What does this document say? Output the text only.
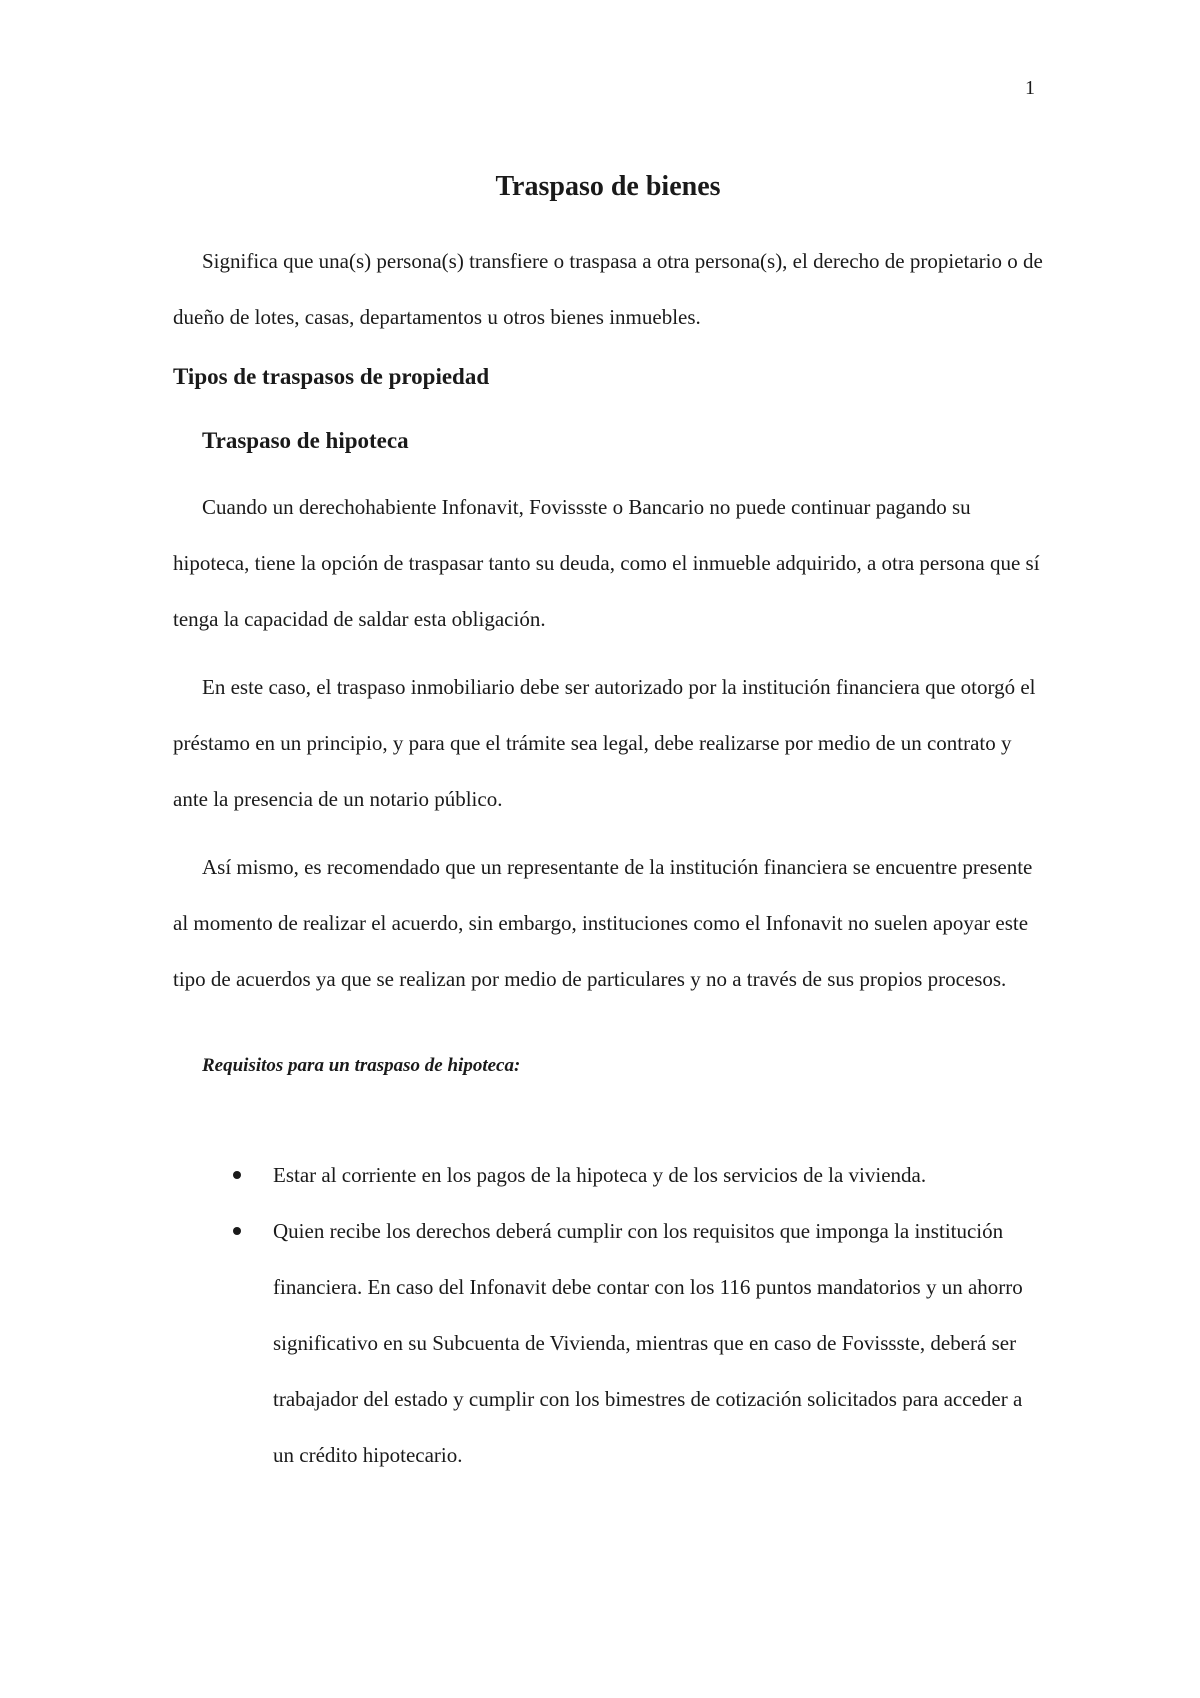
1
Traspaso de bienes

Significa que una(s) persona(s) transfiere o traspasa a otra persona(s), el derecho de propietario o de dueño de lotes, casas, departamentos u otros bienes inmuebles.

Tipos de traspasos de propiedad
Traspaso de hipoteca

Cuando un derechohabiente Infonavit, Fovissste o Bancario no puede continuar pagando su hipoteca, tiene la opción de traspasar tanto su deuda, como el inmueble adquirido, a otra persona que sí tenga la capacidad de saldar esta obligación.

En este caso, el traspaso inmobiliario debe ser autorizado por la institución financiera que otorgó el préstamo en un principio, y para que el trámite sea legal, debe realizarse por medio de un contrato y ante la presencia de un notario público.

Así mismo, es recomendado que un representante de la institución financiera se encuentre presente al momento de realizar el acuerdo, sin embargo, instituciones como el Infonavit no suelen apoyar este tipo de acuerdos ya que se realizan por medio de particulares y no a través de sus propios procesos.

Requisitos para un traspaso de hipoteca:
Estar al corriente en los pagos de la hipoteca y de los servicios de la vivienda.
Quien recibe los derechos deberá cumplir con los requisitos que imponga la institución financiera. En caso del Infonavit debe contar con los 116 puntos mandatorios y un ahorro significativo en su Subcuenta de Vivienda, mientras que en caso de Fovissste, deberá ser trabajador del estado y cumplir con los bimestres de cotización solicitados para acceder a un crédito hipotecario.
